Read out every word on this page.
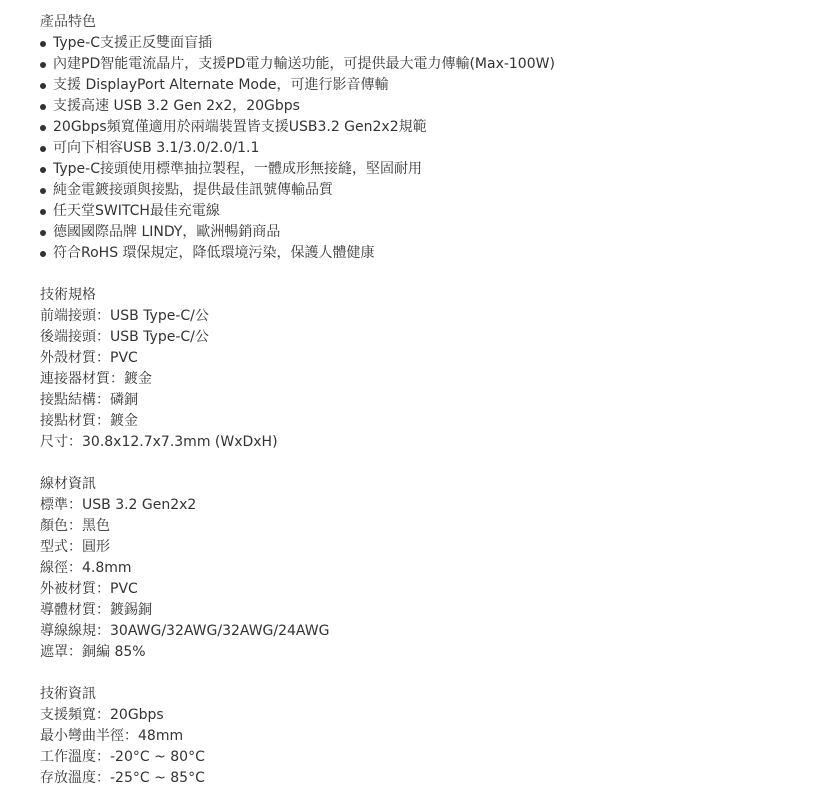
產品特色
Type-C支援正反雙面盲插
內建PD智能電流晶片，支援PD電力輸送功能，可提供最大電力傳輸(Max-100W)
支援 DisplayPort Alternate Mode，可進行影音傳輸
支援高速 USB 3.2 Gen 2x2，20Gbps
20Gbps頻寬僅適用於兩端裝置皆支援USB3.2 Gen2x2規範
可向下相容USB 3.1/3.0/2.0/1.1
Type-C接頭使用標準抽拉製程，一體成形無接縫，堅固耐用
純金電鍍接頭與接點，提供最佳訊號傳輸品質
任天堂SWITCH最佳充電線
德國國際品牌 LINDY，歐洲暢銷商品
符合RoHS 環保規定，降低環境污染，保護人體健康
技術規格
前端接頭：USB Type-C/公
後端接頭：USB Type-C/公
外殼材質：PVC
連接器材質：鍍金
接點結構：磷銅
接點材質：鍍金
尺寸：30.8x12.7x7.3mm (WxDxH)
線材資訊
標準：USB 3.2 Gen2x2
顏色：黑色
型式：圓形
線徑：4.8mm
外被材質：PVC
導體材質：鍍錫銅
導線線規：30AWG/32AWG/32AWG/24AWG
遮罩：銅編 85%
技術資訊
支援頻寬：20Gbps
最小彎曲半徑：48mm
工作溫度：-20°C ~ 80°C
存放溫度：-25°C ~ 85°C
